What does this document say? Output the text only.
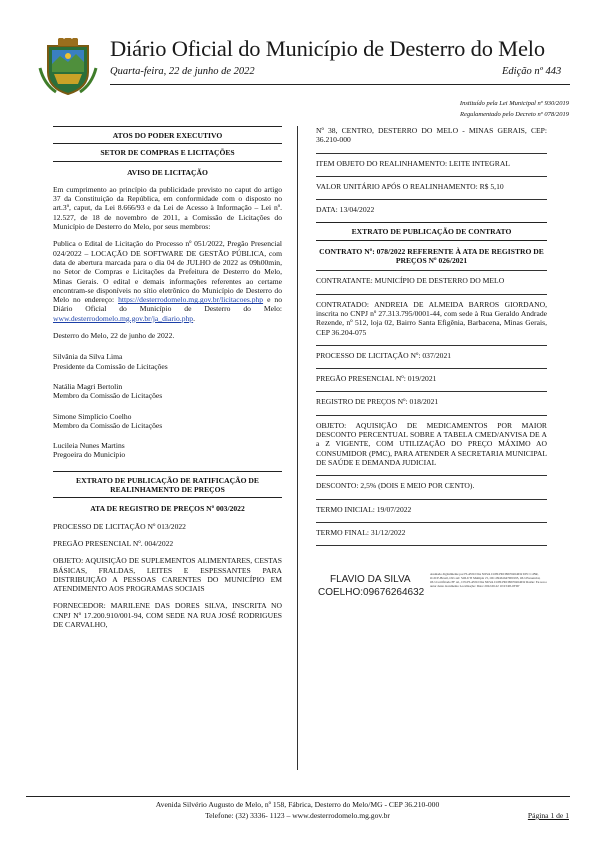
Diário Oficial do Município de Desterro do Melo
Quarta-feira, 22 de junho de 2022	Edição nº 443
Instituído pela Lei Municipal nº 930/2019
Regulamentado pelo Decreto nº 078/2019
ATOS DO PODER EXECUTIVO
SETOR DE COMPRAS E LICITAÇÕES

AVISO DE LICITAÇÃO

Em cumprimento ao princípio da publicidade previsto no caput do artigo 37 da Constituição da República, em conformidade com o disposto no art.3º, caput, da Lei 8.666/93 e da Lei de Acesso à Informação – Lei nº. 12.527, de 18 de novembro de 2011, a Comissão de Licitações do Município de Desterro do Melo, por seus membros:

Publica o Edital de Licitação do Processo nº 051/2022, Pregão Presencial 024/2022 – LOCAÇÃO DE SOFTWARE DE GESTÃO PÚBLICA, com data de abertura marcada para o dia 04 de JULHO de 2022 as 09h00min, no Setor de Compras e Licitações da Prefeitura de Desterro do Melo, Minas Gerais. O edital e demais informações referentes ao certame encontram-se disponíveis no sítio eletrônico do Município de Desterro do Melo no endereço: https://desterrodomelo.mg.gov.br/licitacoes.php e no Diário Oficial do Município de Desterro do Melo: www.desterrodomelo.mg.gov.br/ja_diario.php.

Desterro do Melo, 22 de junho de 2022.

Silvânia da Silva Lima
Presidente da Comissão de Licitações
Natália Magri Bertolin
Membro da Comissão de Licitações
Simone Simplício Coelho
Membro da Comissão de Licitações
Lucileia Nunes Martins
Pregoeira do Município
EXTRATO DE PUBLICAÇÃO DE RATIFICAÇÃO DE REALINHAMENTO DE PREÇOS

ATA DE REGISTRO DE PREÇOS Nº 003/2022

PROCESSO DE LICITAÇÃO Nº 013/2022

PREGÃO PRESENCIAL Nº. 004/2022

OBJETO: AQUISIÇÃO DE SUPLEMENTOS ALIMENTARES, CESTAS BÁSICAS, FRALDAS, LEITES E ESPESSANTES PARA DISTRIBUIÇÃO A PESSOAS CARENTES DO MUNICÍPIO EM ATENDIMENTO AOS PROGRAMAS SOCIAIS

FORNECEDOR: MARILENE DAS DORES SILVA, INSCRITA NO CNPJ Nº 17.200.910/001-94, COM SEDE NA RUA JOSÉ RODRIGUES DE CARVALHO,

Nº 38, CENTRO, DESTERRO DO MELO - MINAS GERAIS, CEP: 36.210-000

ITEM OBJETO DO REALINHAMENTO: LEITE INTEGRAL

VALOR UNITÁRIO APÓS O REALINHAMENTO: R$ 5,10

DATA: 13/04/2022

EXTRATO DE PUBLICAÇÃO DE CONTRATO

CONTRATO Nº: 078/2022 REFERENTE À ATA DE REGISTRO DE PREÇOS Nº 026/2021

CONTRATANTE: MUNICÍPIO DE DESTERRO DO MELO

CONTRATADO: ANDREIA DE ALMEIDA BARROS GIORDANO, inscrita no CNPJ nº 27.313.795/0001-44, com sede à Rua Geraldo Andrade Rezende, nº 512, loja 02, Bairro Santa Efigênia, Barbacena, Minas Gerais, CEP 36.204-075

PROCESSO DE LICITAÇÃO Nº: 037/2021

PREGÃO PRESENCIAL Nº: 019/2021

REGISTRO DE PREÇOS Nº: 018/2021

OBJETO: AQUISIÇÃO DE MEDICAMENTOS POR MAIOR DESCONTO PERCENTUAL SOBRE A TABELA CMED/ANVISA DE A a Z VIGENTE, COM UTILIZAÇÃO DO PREÇO MÁXIMO AO CONSUMIDOR (PMC), PARA ATENDER A SECRETARIA MUNICIPAL DE SAÚDE E DEMANDA JUDICIAL

DESCONTO: 2,5% (DOIS E MEIO POR CENTO).

TERMO INICIAL: 19/07/2022

TERMO FINAL: 31/12/2022

FLAVIO DA SILVA
COELHO:09676264632
Assinado digitalmente por FLAVIO DA SILVA COELHO:09676264632 DN: C=BR, O=ICP-Brasil, OU=AC SOLUTI Multipla v5, OU=09461647000195, OU=Presencial, OU=Certificado PF A1, CN=FLAVIO DA SILVA COELHO:09676264632 Razão: Eu sou o autor deste documento Localização: Data: 2022.06.22 10:23:48-03'00'
Avenida Silvério Augusto de Melo, nº 158, Fábrica, Desterro do Melo/MG - CEP 36.210-000
Telefone: (32) 3336- 1123 – www.desterrodomelo.mg.gov.br	Página 1 de 1
